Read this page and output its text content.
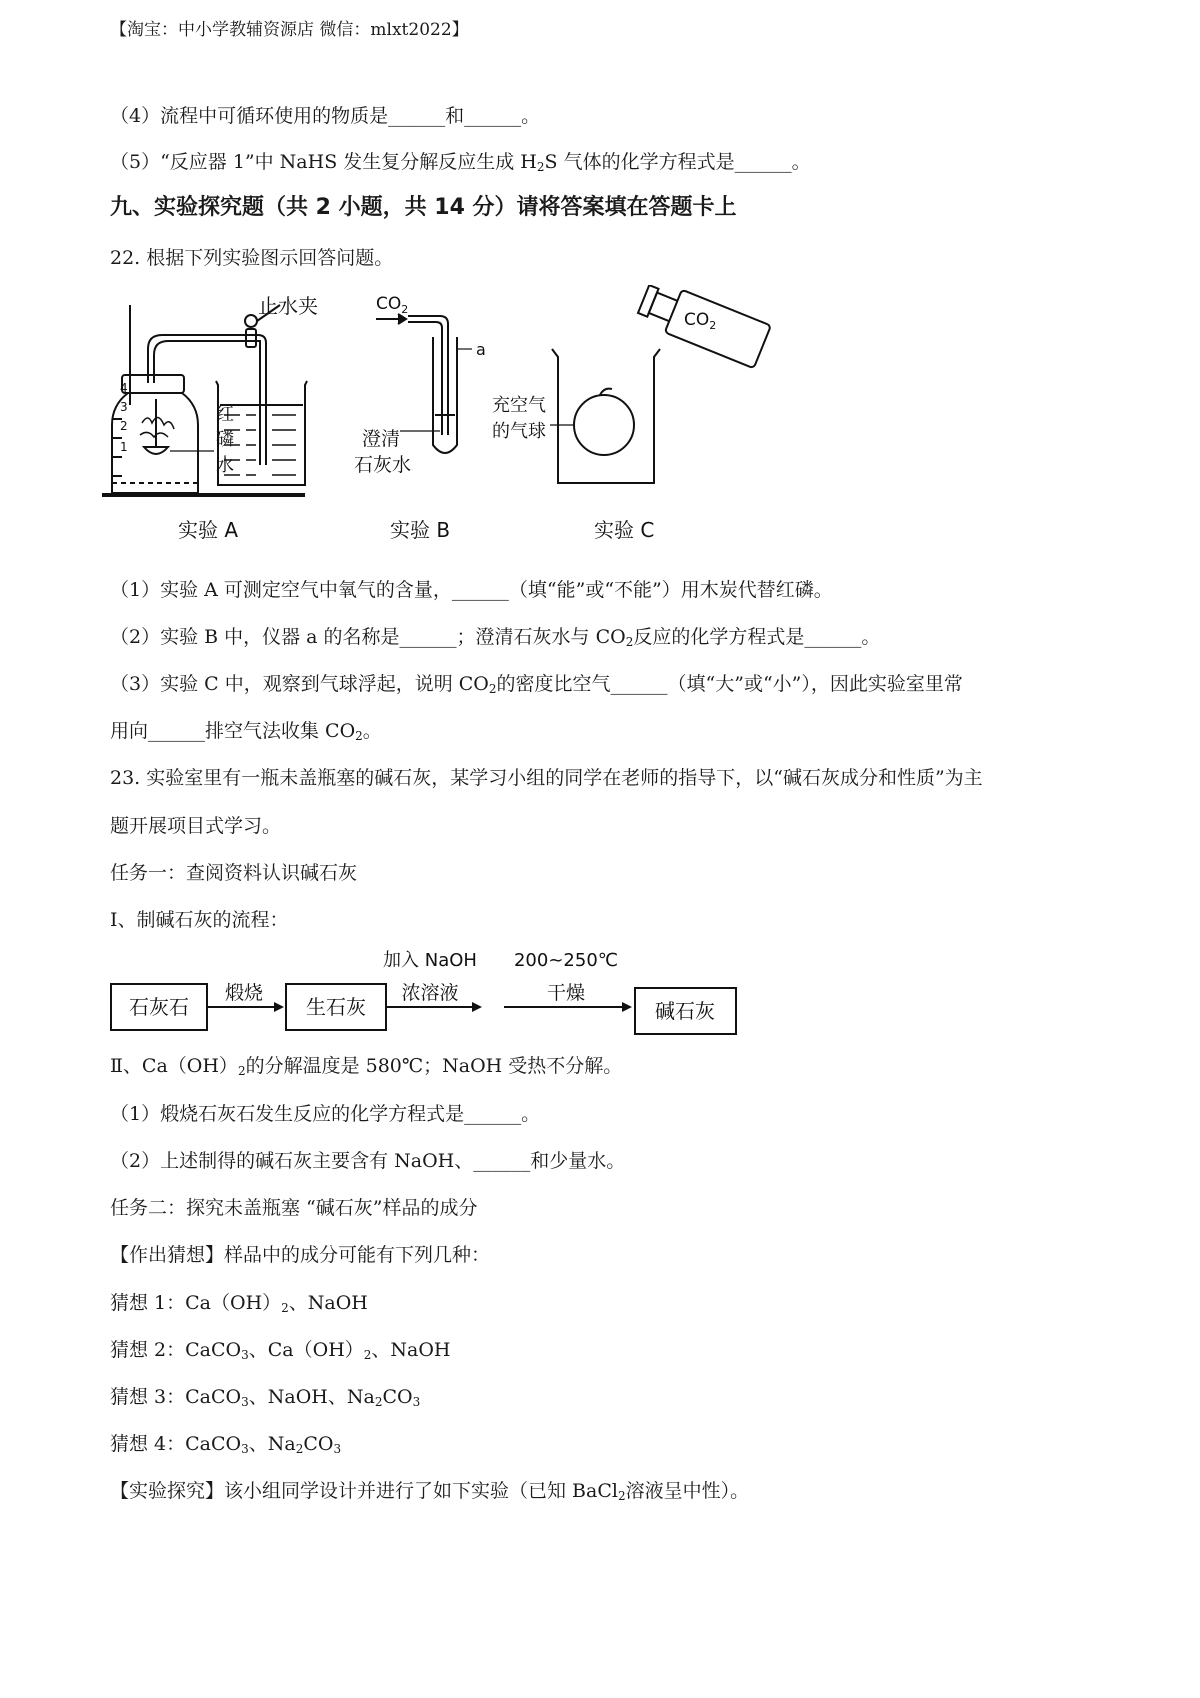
【淘宝：中小学教辅资源店 微信：mlxt2022】
（4）流程中可循环使用的物质是______和______。
（5）“反应器 1”中 NaHS 发生复分解反应生成 $H_2S$ 气体的化学方程式是______。
九、实验探究题（共 2 小题，共 14 分）请将答案填在答题卡上
22. 根据下列实验图示回答问题。
止水夹
4
3
2
1
红
磷
水
实验 A
$CO_2$
a
澄清
石灰水
实验 B
$CO_2$
充空气
的气球
实验 C
（1）实验 A 可测定空气中氧气的含量，______（填“能”或“不能”）用木炭代替红磷。
（2）实验 B 中，仪器 a 的名称是______；澄清石灰水与 $CO_2$反应的化学方程式是______。
（3）实验 C 中，观察到气球浮起，说明 $CO_2$的密度比空气______（填“大”或“小”），因此实验室里常
用向______排空气法收集 $CO_2$。
23. 实验室里有一瓶未盖瓶塞的碱石灰，某学习小组的同学在老师的指导下，以“碱石灰成分和性质”为主
题开展项目式学习。
任务一：查阅资料认识碱石灰
Ⅰ、制碱石灰的流程：
石灰石	生石灰	碱石灰
煅烧
加入 NaOH
浓溶液
200~250℃
干燥
Ⅱ、$Ca(OH)_2$的分解温度是 580℃；NaOH 受热不分解。
（1）煅烧石灰石发生反应的化学方程式是______。
（2）上述制得的碱石灰主要含有 NaOH、______和少量水。
任务二：探究未盖瓶塞 “碱石灰”样品的成分
【作出猜想】样品中的成分可能有下列几种：
猜想 1：$Ca(OH)_2$、NaOH
猜想 2：CaCO$_3$、$Ca(OH)_2$、NaOH
猜想 3：CaCO$_3$、NaOH、$Na_2CO_3$
猜想 4：CaCO$_3$、$Na_2CO_3$
【实验探究】该小组同学设计并进行了如下实验（已知 BaCl$_2$溶液呈中性）。
